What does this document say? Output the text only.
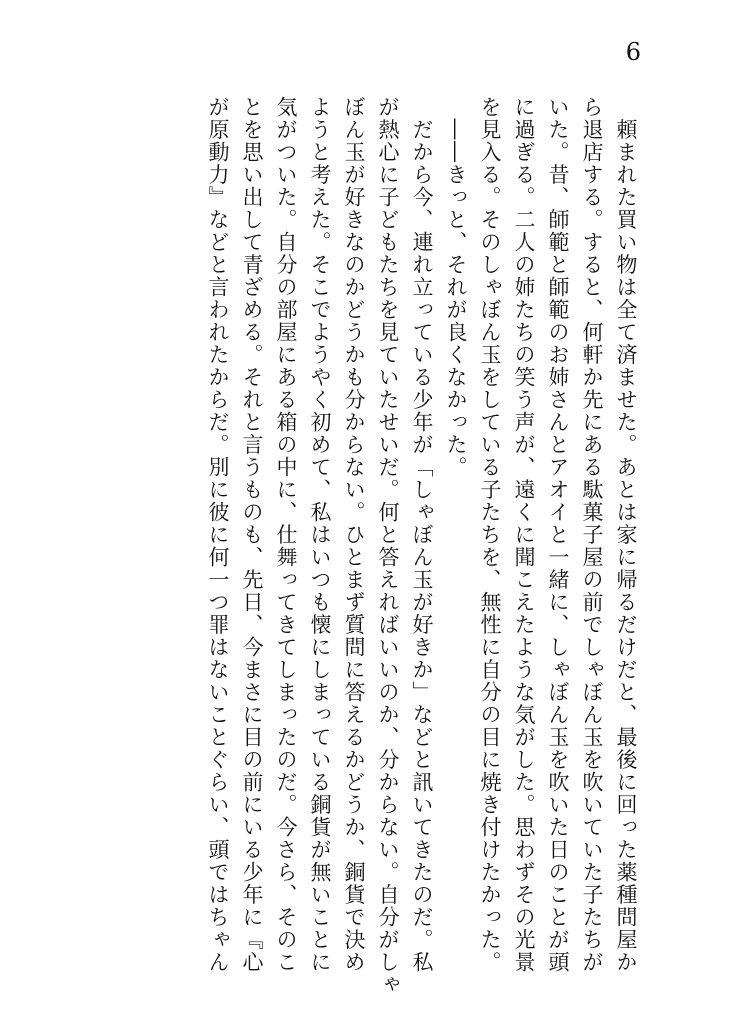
6
　頼まれた買い物は全て済ませた。あとは家に帰るだけだと、最後に回った薬種問屋か
ら退店する。すると、何軒か先にある駄菓子屋の前でしゃぼん玉を吹いていた子たちが
いた。昔、師範と師範のお姉さんとアオイと一緒に、しゃぼん玉を吹いた日のことが頭
に過ぎる。二人の姉たちの笑う声が、遠くに聞こえたような気がした。思わずその光景
を見入る。そのしゃぼん玉をしている子たちを、無性に自分の目に焼き付けたかった。
　――きっと、それが良くなかった。
　だから今、連れ立っている少年が「しゃぼん玉が好きか」などと訊いてきたのだ。私
が熱心に子どもたちを見ていたせいだ。何と答えればいいのか、分からない。自分がしゃ
ぼん玉が好きなのかどうかも分からない。ひとまず質問に答えるかどうか、銅貨で決め
ようと考えた。そこでようやく初めて、私はいつも懐にしまっている銅貨が無いことに
気がついた。自分の部屋にある箱の中に、仕舞ってきてしまったのだ。今さら、そのこ
とを思い出して青ざめる。それと言うものも、先日、今まさに目の前にいる少年に『心
が原動力』などと言われたからだ。別に彼に何一つ罪はないことぐらい、頭ではちゃん
